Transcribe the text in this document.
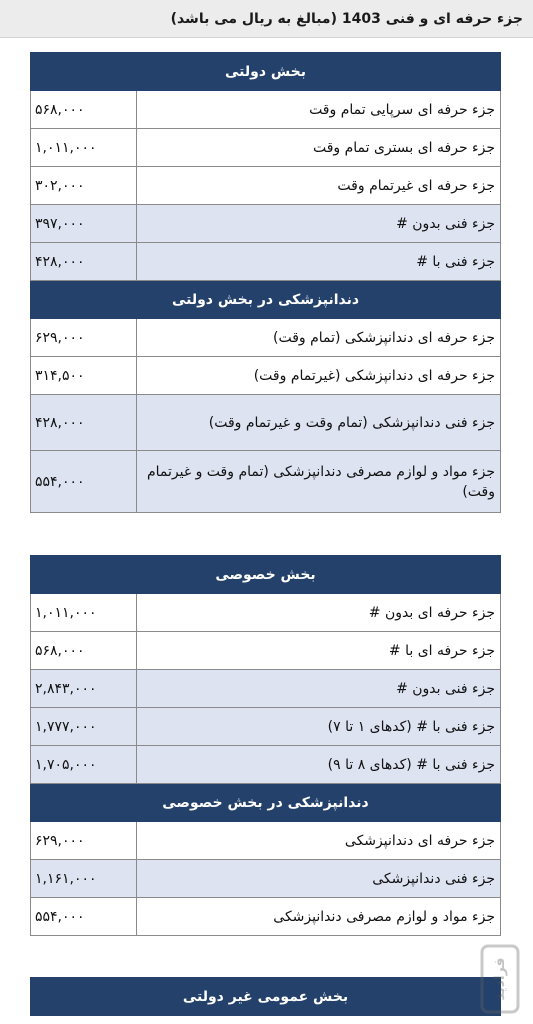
جزء حرفه ای و فنی 1403 (مبالغ به ریال می باشد)
بخش دولتی	
۵۶۸,۰۰۰	جزء حرفه ای سرپایی تمام وقت
۱,۰۱۱,۰۰۰	جزء حرفه ای بستری تمام وقت
۳۰۲,۰۰۰	جزء حرفه ای غیرتمام وقت
۳۹۷,۰۰۰	جزء فنی بدون #
۴۲۸,۰۰۰	جزء فنی با #
دندانپزشکی در بخش دولتی	
۶۲۹,۰۰۰	جزء حرفه ای دندانپزشکی (تمام وقت)
۳۱۴,۵۰۰	جزء حرفه ای دندانپزشکی (غیرتمام وقت)
۴۲۸,۰۰۰	جزء فنی دندانپزشکی (تمام وقت و غیرتمام وقت)
۵۵۴,۰۰۰	جزء مواد و لوازم مصرفی دندانپزشکی (تمام وقت و غیرتمام وقت)
بخش خصوصی	
۱,۰۱۱,۰۰۰	جزء حرفه ای بدون #
۵۶۸,۰۰۰	جزء حرفه ای با #
۲,۸۴۳,۰۰۰	جزء فنی بدون #
۱,۷۷۷,۰۰۰	جزء فنی با # (کدهای ۱ تا ۷)
۱,۷۰۵,۰۰۰	جزء فنی با # (کدهای ۸ تا ۹)
دندانپزشکی در بخش خصوصی	
۶۲۹,۰۰۰	جزء حرفه ای دندانپزشکی
۱,۱۶۱,۰۰۰	جزء فنی دندانپزشکی
۵۵۴,۰۰۰	جزء مواد و لوازم مصرفی دندانپزشکی
بخش عمومی غیر دولتی	فرادید
